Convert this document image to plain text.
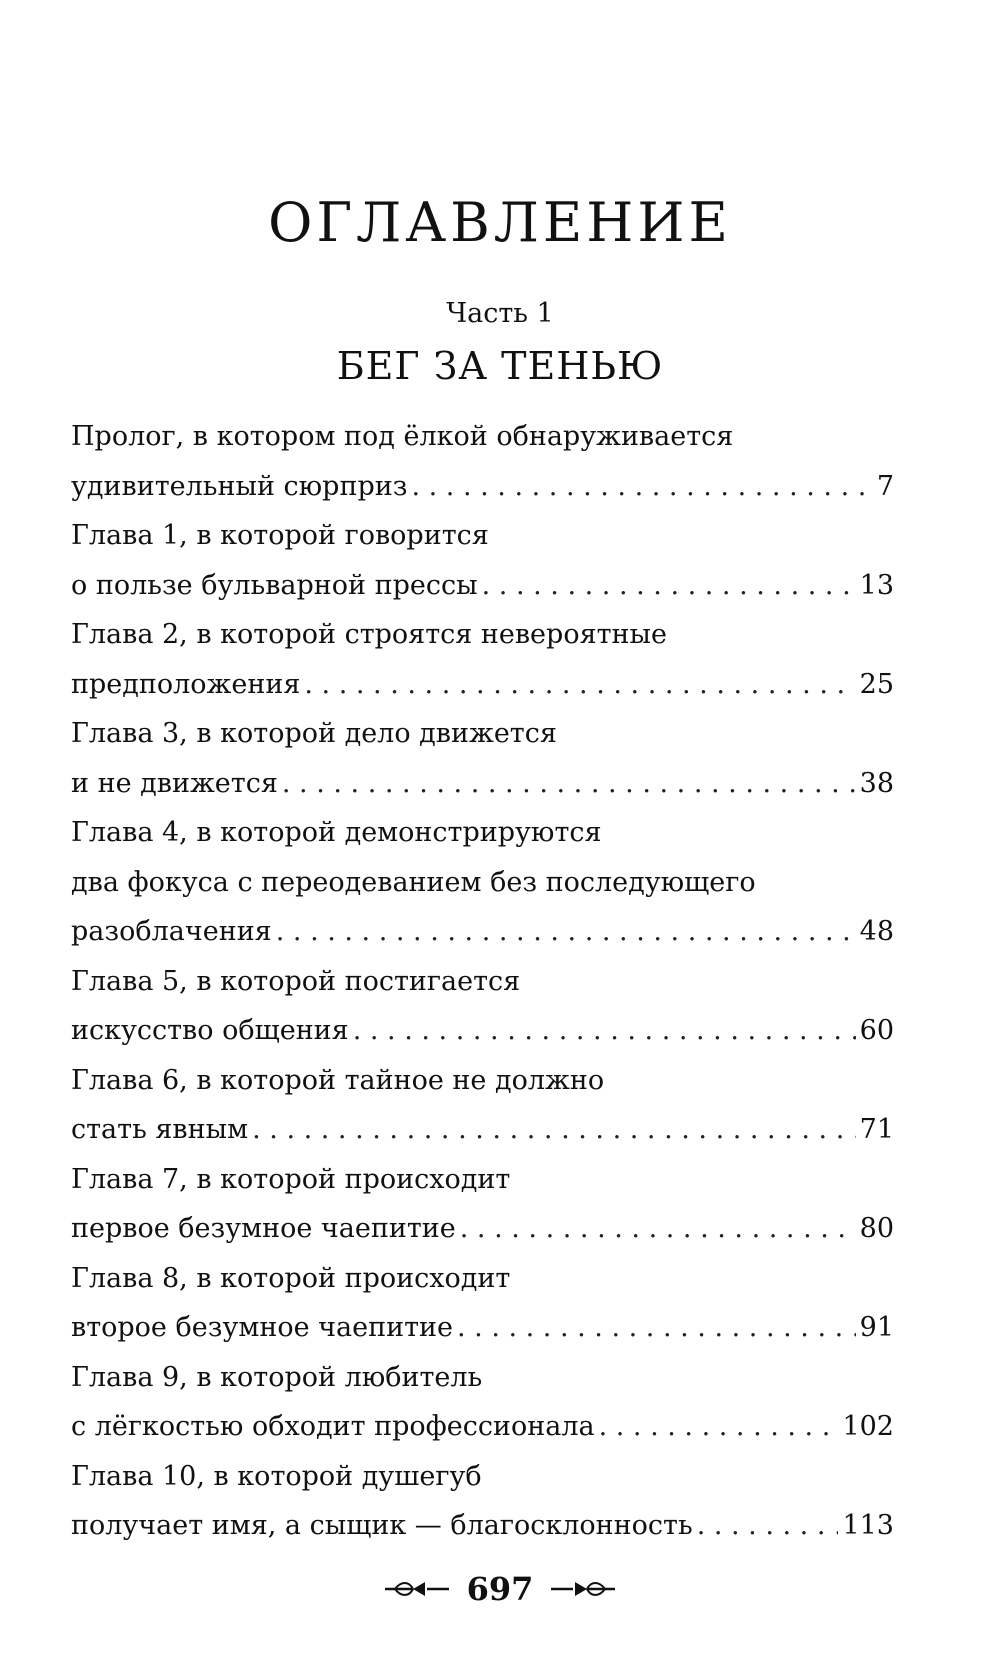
ОГЛАВЛЕНИЕ
Часть 1
БЕГ ЗА ТЕНЬЮ
Пролог, в котором под ёлкой обнаруживается
удивительный сюрприз . . .	7
Глава 1, в которой говорится
о пользе бульварной прессы . . .	13
Глава 2, в которой строятся невероятные
предположения . . .	25
Глава 3, в которой дело движется
и не движется . . .	38
Глава 4, в которой демонстрируются
два фокуса с переодеванием без последующего
разоблачения . . .	48
Глава 5, в которой постигается
искусство общения . . .	60
Глава 6, в которой тайное не должно
стать явным . . .	71
Глава 7, в которой происходит
первое безумное чаепитие . . .	80
Глава 8, в которой происходит
второе безумное чаепитие . . .	91
Глава 9, в которой любитель
с лёгкостью обходит профессионала . . .	102
Глава 10, в которой душегуб
получает имя, а сыщик — благосклонность . . .	113
697
